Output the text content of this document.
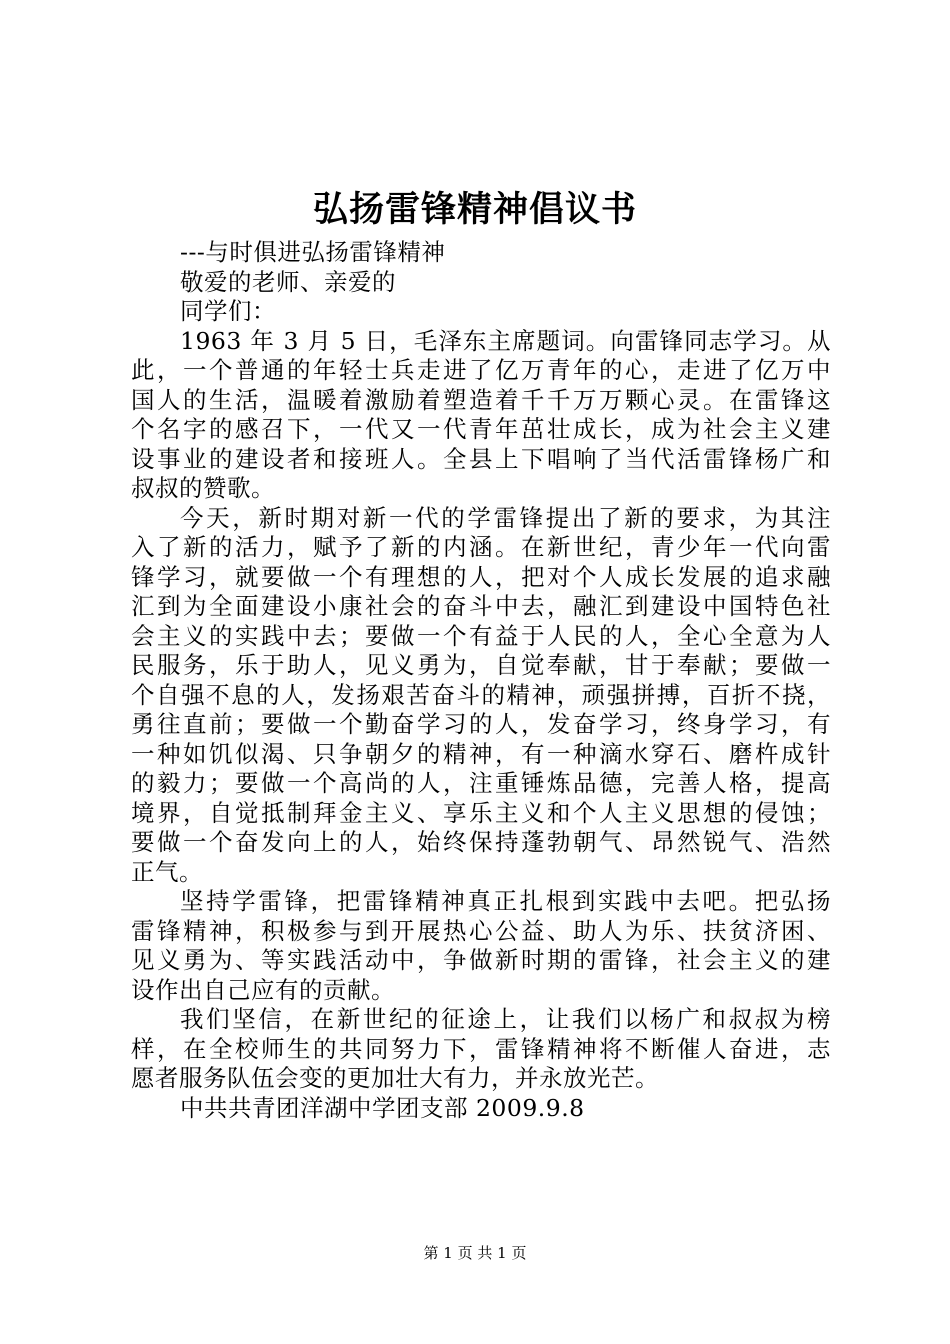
弘扬雷锋精神倡议书
---与时俱进弘扬雷锋精神
敬爱的老师、亲爱的
同学们：
1963 年 3 月 5 日，毛泽东主席题词。向雷锋同志学习。从
此，一个普通的年轻士兵走进了亿万青年的心，走进了亿万中
国人的生活，温暖着激励着塑造着千千万万颗心灵。在雷锋这
个名字的感召下，一代又一代青年茁壮成长，成为社会主义建
设事业的建设者和接班人。全县上下唱响了当代活雷锋杨广和
叔叔的赞歌。
今天，新时期对新一代的学雷锋提出了新的要求，为其注
入了新的活力，赋予了新的内涵。在新世纪，青少年一代向雷
锋学习，就要做一个有理想的人，把对个人成长发展的追求融
汇到为全面建设小康社会的奋斗中去，融汇到建设中国特色社
会主义的实践中去；要做一个有益于人民的人，全心全意为人
民服务，乐于助人，见义勇为，自觉奉献，甘于奉献；要做一
个自强不息的人，发扬艰苦奋斗的精神，顽强拼搏，百折不挠，
勇往直前；要做一个勤奋学习的人，发奋学习，终身学习，有
一种如饥似渴、只争朝夕的精神，有一种滴水穿石、磨杵成针
的毅力；要做一个高尚的人，注重锤炼品德，完善人格，提高
境界，自觉抵制拜金主义、享乐主义和个人主义思想的侵蚀；
要做一个奋发向上的人，始终保持蓬勃朝气、昂然锐气、浩然
正气。
坚持学雷锋，把雷锋精神真正扎根到实践中去吧。把弘扬
雷锋精神，积极参与到开展热心公益、助人为乐、扶贫济困、
见义勇为、等实践活动中，争做新时期的雷锋，社会主义的建
设作出自己应有的贡献。
我们坚信，在新世纪的征途上，让我们以杨广和叔叔为榜
样，在全校师生的共同努力下，雷锋精神将不断催人奋进，志
愿者服务队伍会变的更加壮大有力，并永放光芒。
中共共青团洋湖中学团支部 2009.9.8
第 1 页 共 1 页
